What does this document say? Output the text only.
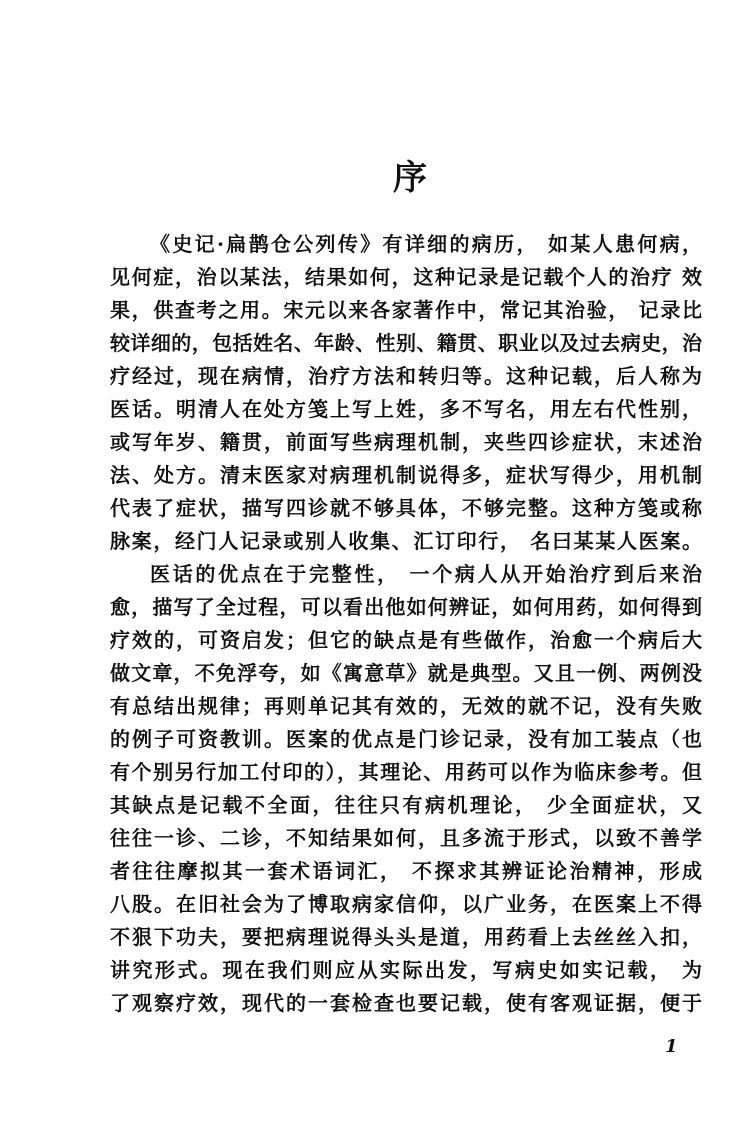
序
《史记·扁鹊仓公列传》有详细的病历， 如某人患何病，
见何症，治以某法，结果如何，这种记录是记载个人的治疗 效
果，供查考之用。宋元以来各家著作中，常记其治验， 记录比
较详细的，包括姓名、年龄、性别、籍贯、职业以及过去病史，治
疗经过，现在病情，治疗方法和转归等。这种记载，后人称为
医话。明清人在处方笺上写上姓，多不写名，用左右代性别，
或写年岁、籍贯，前面写些病理机制，夹些四诊症状，末述治
法、处方。清末医家对病理机制说得多，症状写得少，用机制
代表了症状，描写四诊就不够具体，不够完整。这种方笺或称
脉案，经门人记录或别人收集、汇订印行， 名曰某某人医案。
医话的优点在于完整性， 一个病人从开始治疗到后来治
愈，描写了全过程，可以看出他如何辨证，如何用药，如何得到
疗效的，可资启发；但它的缺点是有些做作，治愈一个病后大
做文章，不免浮夸，如《寓意草》就是典型。又且一例、两例没
有总结出规律；再则单记其有效的，无效的就不记，没有失败
的例子可资教训。医案的优点是门诊记录，没有加工装点（也
有个别另行加工付印的），其理论、用药可以作为临床参考。但
其缺点是记载不全面，往往只有病机理论， 少全面症状，又
往往一诊、二诊，不知结果如何，且多流于形式，以致不善学
者往往摩拟其一套术语词汇， 不探求其辨证论治精神，形成
八股。在旧社会为了博取病家信仰，以广业务，在医案上不得
不狠下功夫，要把病理说得头头是道，用药看上去丝丝入扣，
讲究形式。现在我们则应从实际出发，写病史如实记载， 为
了观察疗效，现代的一套检查也要记载，使有客观证据，便于
1
